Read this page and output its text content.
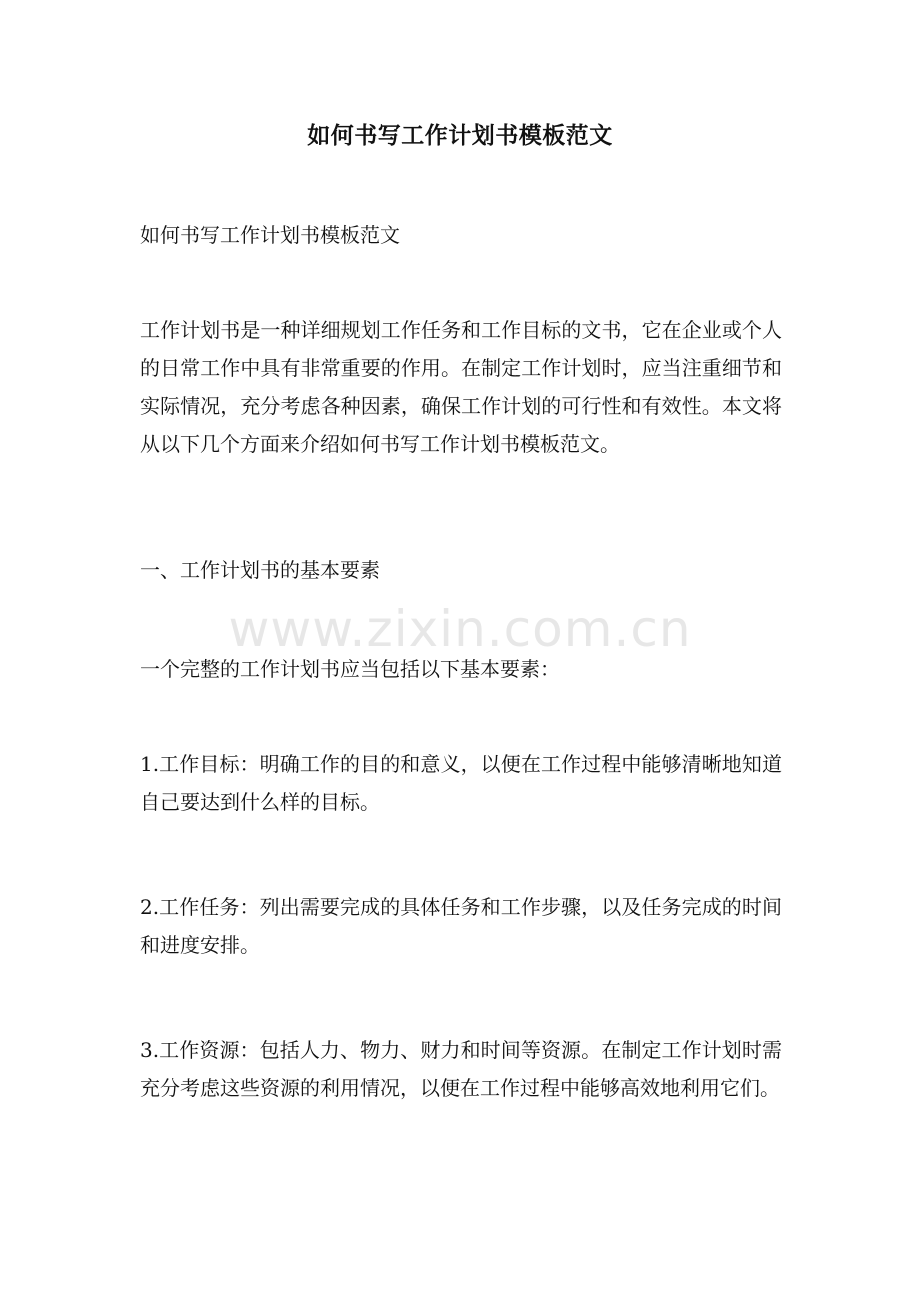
如何书写工作计划书模板范文
如何书写工作计划书模板范文
工作计划书是一种详细规划工作任务和工作目标的文书，它在企业或个人的日常工作中具有非常重要的作用。在制定工作计划时，应当注重细节和实际情况，充分考虑各种因素，确保工作计划的可行性和有效性。本文将从以下几个方面来介绍如何书写工作计划书模板范文。
一、工作计划书的基本要素
一个完整的工作计划书应当包括以下基本要素：
1.工作目标：明确工作的目的和意义，以便在工作过程中能够清晰地知道自己要达到什么样的目标。
2.工作任务：列出需要完成的具体任务和工作步骤，以及任务完成的时间和进度安排。
3.工作资源：包括人力、物力、财力和时间等资源。在制定工作计划时需充分考虑这些资源的利用情况，以便在工作过程中能够高效地利用它们。
www.zixin.com.cn
